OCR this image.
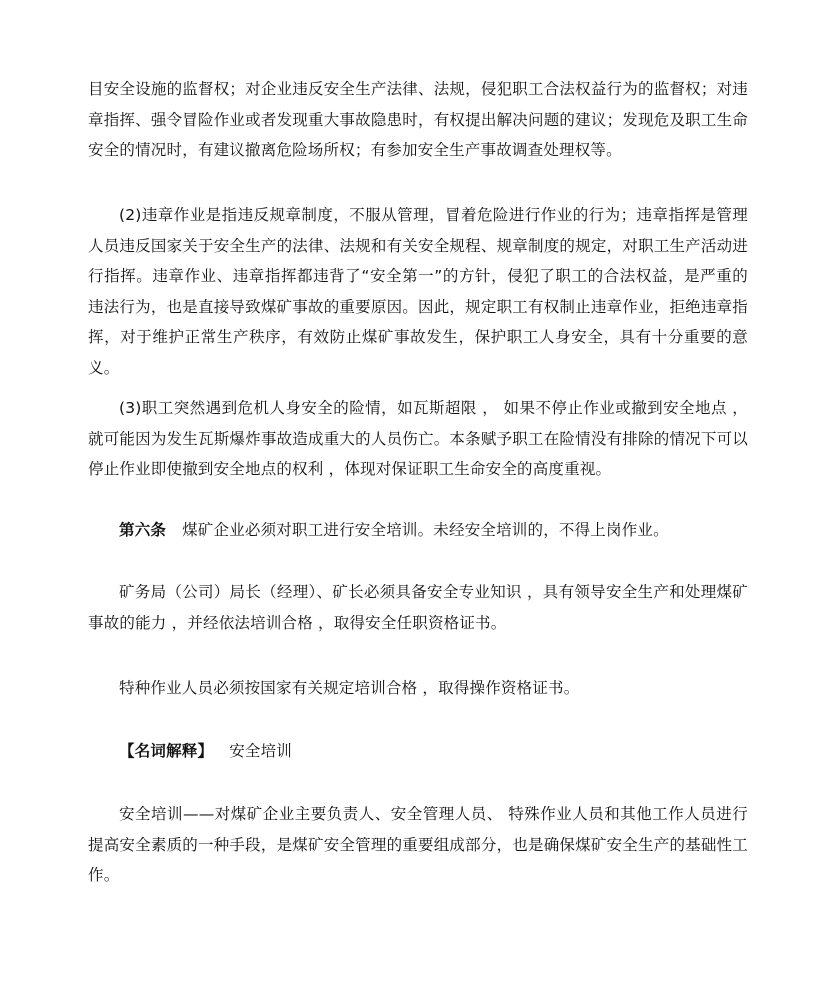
目安全设施的监督权；对企业违反安全生产法律、法规，侵犯职工合法权益行为的监督权；对违章指挥、强令冒险作业或者发现重大事故隐患时，有权提出解决问题的建议；发现危及职工生命安全的情况时，有建议撤离危险场所权；有参加安全生产事故调查处理权等。

(2)违章作业是指违反规章制度，不服从管理，冒着危险进行作业的行为；违章指挥是管理人员违反国家关于安全生产的法律、法规和有关安全规程、规章制度的规定，对职工生产活动进行指挥。违章作业、违章指挥都违背了“安全第一”的方针，侵犯了职工的合法权益，是严重的违法行为，也是直接导致煤矿事故的重要原因。因此，规定职工有权制止违章作业，拒绝违章指挥，对于维护正常生产秩序，有效防止煤矿事故发生，保护职工人身安全，具有十分重要的意义。

(3)职工突然遇到危机人身安全的险情，如瓦斯超限 ， 如果不停止作业或撤到安全地点 ， 就可能因为发生瓦斯爆炸事故造成重大的人员伤亡。本条赋予职工在险情没有排除的情况下可以停止作业即使撤到安全地点的权利 ，体现对保证职工生命安全的高度重视。

第六条 煤矿企业必须对职工进行安全培训。未经安全培训的，不得上岗作业。

矿务局（公司）局长（经理）、矿长必须具备安全专业知识 ，具有领导安全生产和处理煤矿事故的能力 ，并经依法培训合格 ，取得安全任职资格证书。

特种作业人员必须按国家有关规定培训合格 ，取得操作资格证书。

【名词解释】 安全培训

安全培训——对煤矿企业主要负责人、安全管理人员、 特殊作业人员和其他工作人员进行提高安全素质的一种手段，是煤矿安全管理的重要组成部分，也是确保煤矿安全生产的基础性工作。
